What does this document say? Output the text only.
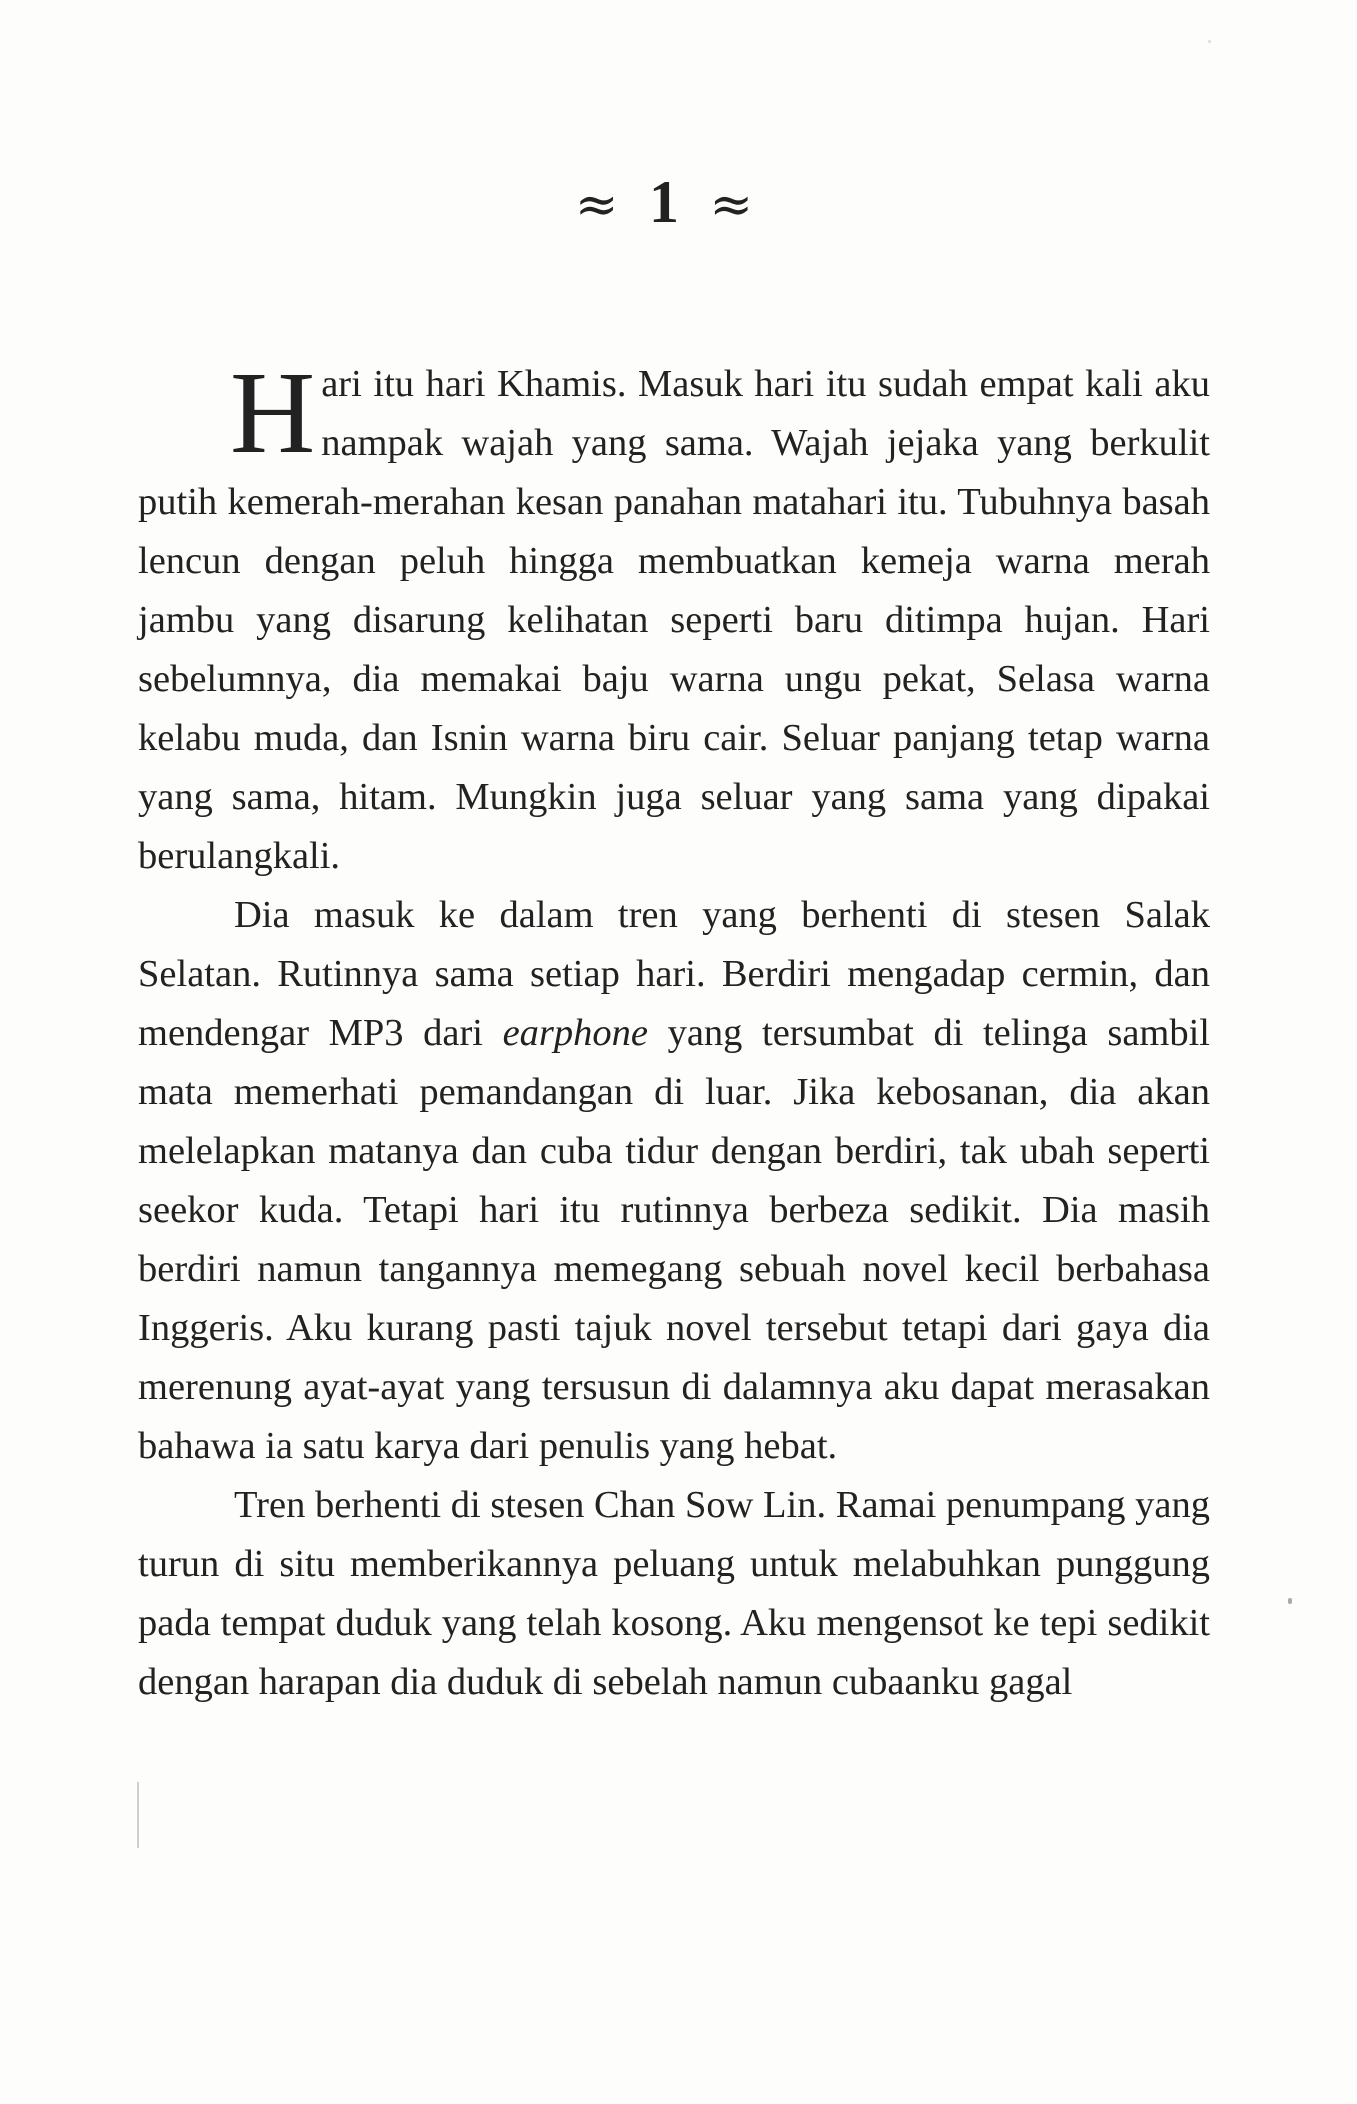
≈ 1 ≈

Hari itu hari Khamis. Masuk hari itu sudah empat kali aku nampak wajah yang sama. Wajah jejaka yang berkulit putih kemerah-merahan kesan panahan matahari itu. Tubuhnya basah lencun dengan peluh hingga membuatkan kemeja warna merah jambu yang disarung kelihatan seperti baru ditimpa hujan. Hari sebelumnya, dia memakai baju warna ungu pekat, Selasa warna kelabu muda, dan Isnin warna biru cair. Seluar panjang tetap warna yang sama, hitam. Mungkin juga seluar yang sama yang dipakai berulangkali.

Dia masuk ke dalam tren yang berhenti di stesen Salak Selatan. Rutinnya sama setiap hari. Berdiri mengadap cermin, dan mendengar MP3 dari earphone yang tersumbat di telinga sambil mata memerhati pemandangan di luar. Jika kebosanan, dia akan melelapkan matanya dan cuba tidur dengan berdiri, tak ubah seperti seekor kuda. Tetapi hari itu rutinnya berbeza sedikit. Dia masih berdiri namun tangannya memegang sebuah novel kecil berbahasa Inggeris. Aku kurang pasti tajuk novel tersebut tetapi dari gaya dia merenung ayat-ayat yang tersusun di dalamnya aku dapat merasakan bahawa ia satu karya dari penulis yang hebat.

Tren berhenti di stesen Chan Sow Lin. Ramai penumpang yang turun di situ memberikannya peluang untuk melabuhkan punggung pada tempat duduk yang telah kosong. Aku mengensot ke tepi sedikit dengan harapan dia duduk di sebelah namun cubaanku gagal
